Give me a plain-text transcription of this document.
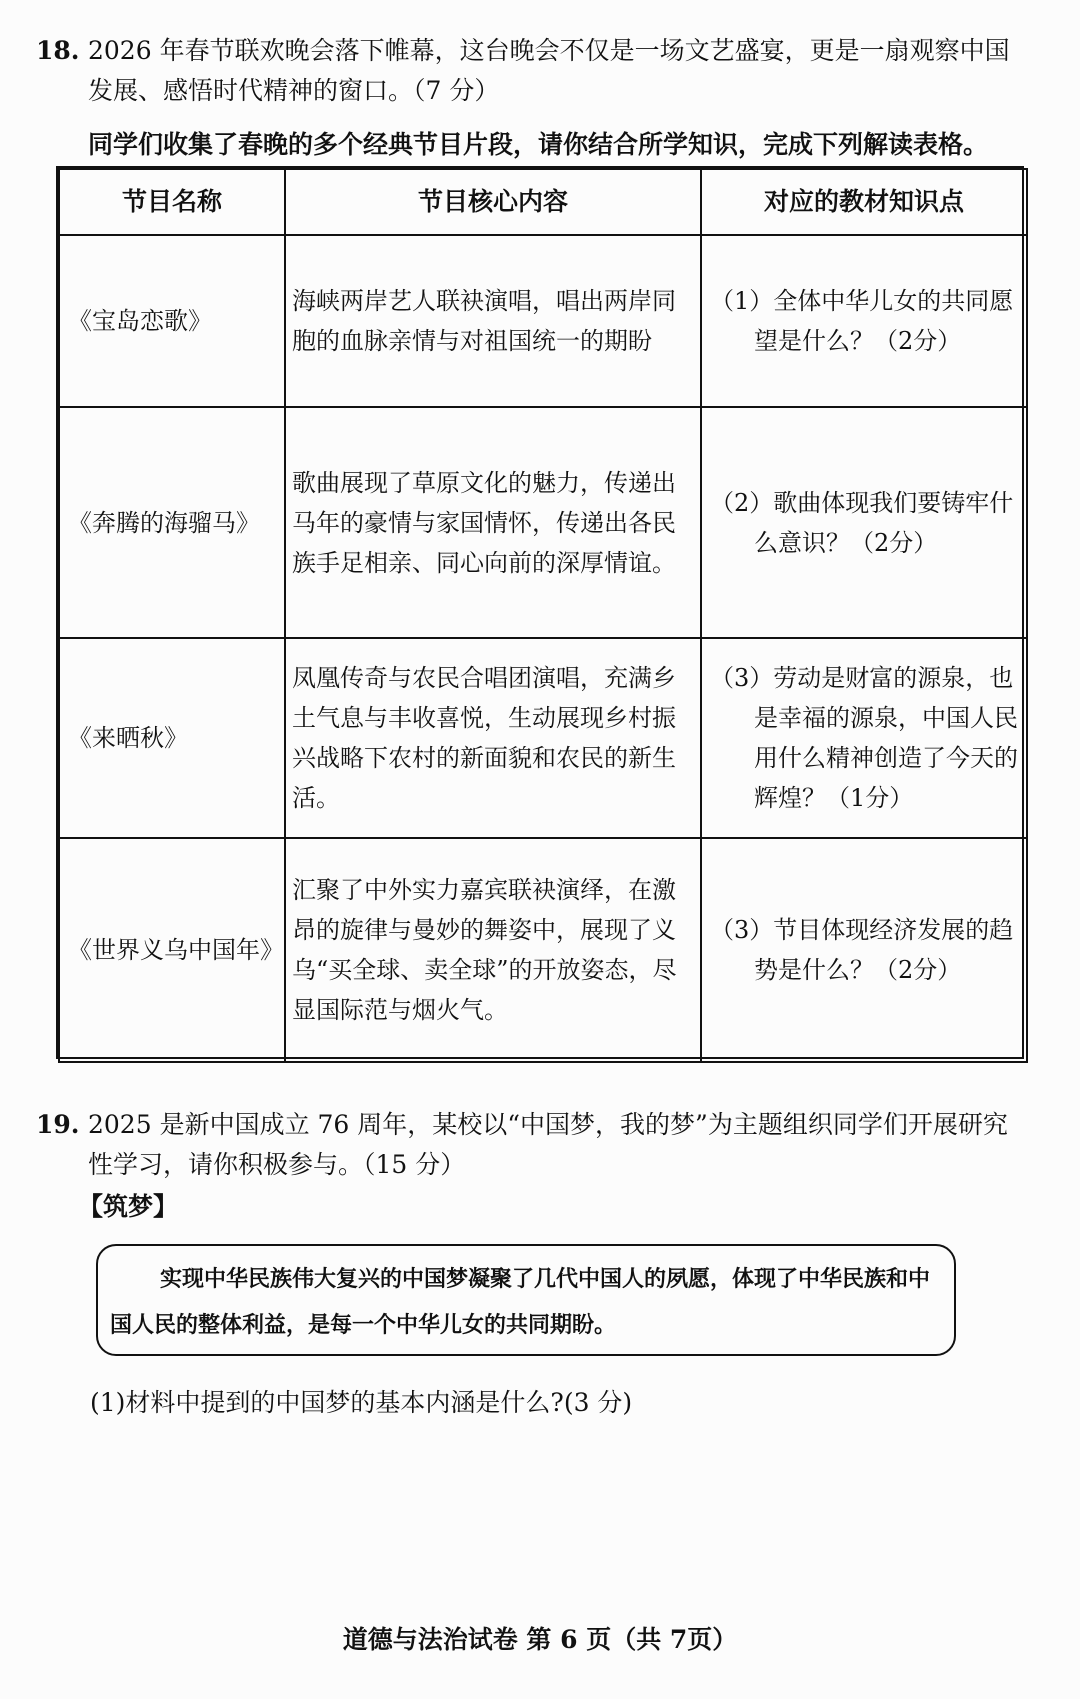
18. 2026 年春节联欢晚会落下帷幕，这台晚会不仅是一场文艺盛宴，更是一扇观察中国
发展、感悟时代精神的窗口。（7 分）
同学们收集了春晚的多个经典节目片段，请你结合所学知识，完成下列解读表格。
节目名称	节目核心内容	对应的教材知识点
《宝岛恋歌》	海峡两岸艺人联袂演唱，唱出两岸同胞的血脉亲情与对祖国统一的期盼	（1）全体中华儿女的共同愿望是什么？（2分）

《奔腾的海骝马》	歌曲展现了草原文化的魅力，传递出马年的豪情与家国情怀，传递出各民族手足相亲、同心向前的深厚情谊。	（2）歌曲体现我们要铸牢什么意识？（2分）

《来晒秋》	凤凰传奇与农民合唱团演唱，充满乡土气息与丰收喜悦，生动展现乡村振兴战略下农村的新面貌和农民的新生活。	（3）劳动是财富的源泉，也是幸福的源泉，中国人民用什么精神创造了今天的辉煌？（1分）

《世界义乌中国年》	汇聚了中外实力嘉宾联袂演绎，在激昂的旋律与曼妙的舞姿中，展现了义乌“买全球、卖全球”的开放姿态，尽显国际范与烟火气。	（3）节目体现经济发展的趋势是什么？（2分）
19. 2025 是新中国成立 76 周年，某校以“中国梦，我的梦”为主题组织同学们开展研究
性学习，请你积极参与。（15 分）
【筑梦】
实现中华民族伟大复兴的中国梦凝聚了几代中国人的夙愿，体现了中华民族和中国人民的整体利益，是每一个中华儿女的共同期盼。
(1)材料中提到的中国梦的基本内涵是什么?(3 分)
道德与法治试卷 第 6 页（共 7页）
